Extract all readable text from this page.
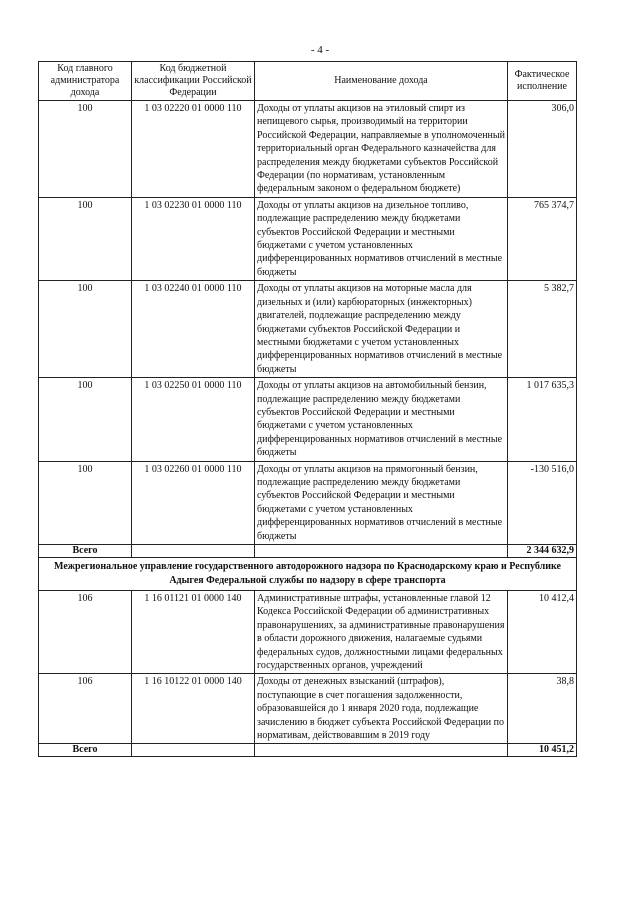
- 4 -
Код главного администратора дохода	Код бюджетной классификации Российской Федерации	Наименование дохода	Фактическое исполнение
100	1 03 02220 01 0000 110	Доходы от уплаты акцизов на этиловый спирт из непищевого сырья, производимый на территории Российской Федерации, направляемые в уполномоченный территориальный орган Федерального казначейства для распределения между бюджетами субъектов Российской Федерации (по нормативам, установленным федеральным законом о федеральном бюджете)	306,0
100	1 03 02230 01 0000 110	Доходы от уплаты акцизов на дизельное топливо, подлежащие распределению между бюджетами субъектов Российской Федерации и местными бюджетами с учетом установленных дифференцированных нормативов отчислений в местные бюджеты	765 374,7
100	1 03 02240 01 0000 110	Доходы от уплаты акцизов на моторные масла для дизельных и (или) карбюраторных (инжекторных) двигателей, подлежащие распределению между бюджетами субъектов Российской Федерации и местными бюджетами с учетом установленных дифференцированных нормативов отчислений в местные бюджеты	5 382,7
100	1 03 02250 01 0000 110	Доходы от уплаты акцизов на автомобильный бензин, подлежащие распределению между бюджетами субъектов Российской Федерации и местными бюджетами с учетом установленных дифференцированных нормативов отчислений в местные бюджеты	1 017 635,3
100	1 03 02260 01 0000 110	Доходы от уплаты акцизов на прямогонный бензин, подлежащие распределению между бюджетами субъектов Российской Федерации и местными бюджетами с учетом установленных дифференцированных нормативов отчислений в местные бюджеты	-130 516,0
Всего			2 344 632,9
Межрегиональное управление государственного автодорожного надзора по Краснодарскому краю и Республике Адыгея Федеральной службы по надзору в сфере транспорта			
106	1 16 01121 01 0000 140	Административные штрафы, установленные главой 12 Кодекса Российской Федерации об административных правонарушениях, за административные правонарушения в области дорожного движения, налагаемые судьями федеральных судов, должностными лицами федеральных государственных органов, учреждений	10 412,4
106	1 16 10122 01 0000 140	Доходы от денежных взысканий (штрафов), поступающие в счет погашения задолженности, образовавшейся до 1 января 2020 года, подлежащие зачислению в бюджет субъекта Российской Федерации по нормативам, действовавшим в 2019 году	38,8
Всего			10 451,2
